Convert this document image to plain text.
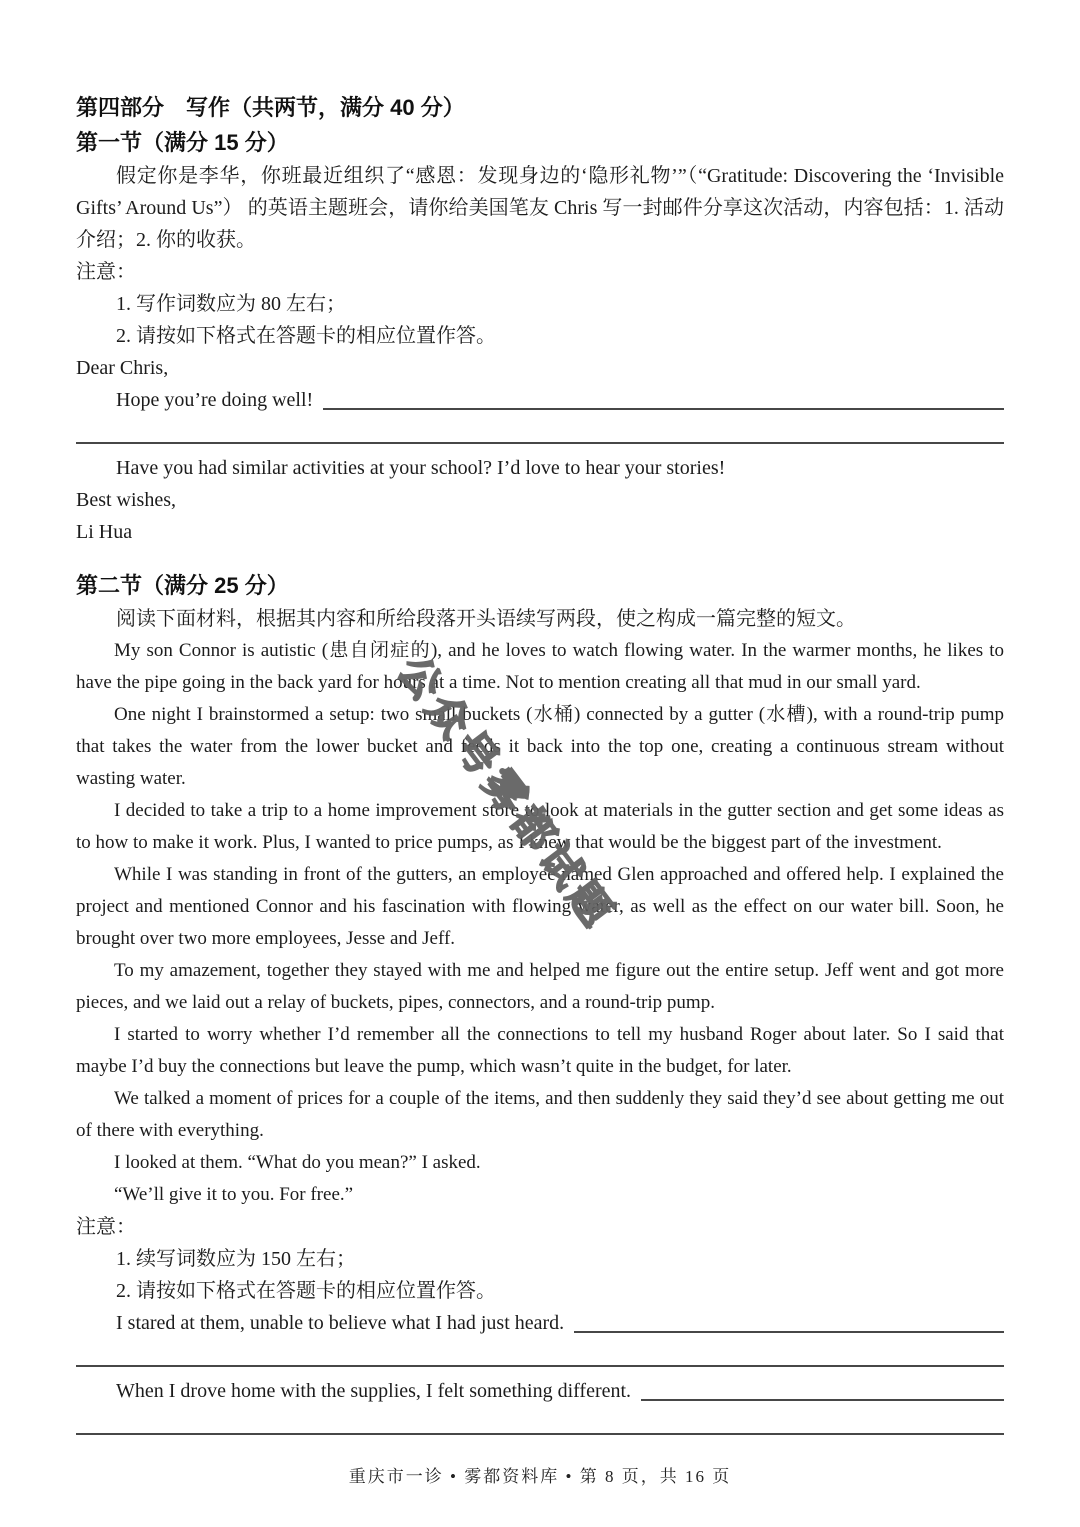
公众号雾都试题
第四部分　写作（共两节，满分 40 分）
第一节（满分 15 分）

假定你是李华，你班最近组织了“感恩：发现身边的‘隐形礼物’”（“Gratitude: Discovering the ‘Invisible Gifts’ Around Us”） 的英语主题班会，请你给美国笔友 Chris 写一封邮件分享这次活动，内容包括：1. 活动介绍；2. 你的收获。

注意：

1. 写作词数应为 80 左右；

2. 请按如下格式在答题卡的相应位置作答。

Dear Chris,

Hope you’re doing well!

Have you had similar activities at your school? I’d love to hear your stories!

Best wishes,

Li Hua

第二节（满分 25 分）

阅读下面材料，根据其内容和所给段落开头语续写两段，使之构成一篇完整的短文。

My son Connor is autistic (患自闭症的), and he loves to watch flowing water. In the warmer months, he likes to have the pipe going in the back yard for hours at a time. Not to mention creating all that mud in our small yard.

One night I brainstormed a setup: two small buckets (水桶) connected by a gutter (水槽), with a round-trip pump that takes the water from the lower bucket and feeds it back into the top one, creating a continuous stream without wasting water.

I decided to take a trip to a home improvement store to look at materials in the gutter section and get some ideas as to how to make it work. Plus, I wanted to price pumps, as I knew that would be the biggest part of the investment.

While I was standing in front of the gutters, an employee named Glen approached and offered help. I explained the project and mentioned Connor and his fascination with flowing water, as well as the effect on our water bill. Soon, he brought over two more employees, Jesse and Jeff.

To my amazement, together they stayed with me and helped me figure out the entire setup. Jeff went and got more pieces, and we laid out a relay of buckets, pipes, connectors, and a round-trip pump.

I started to worry whether I’d remember all the connections to tell my husband Roger about later. So I said that maybe I’d buy the connections but leave the pump, which wasn’t quite in the budget, for later.

We talked a moment of prices for a couple of the items, and then suddenly they said they’d see about getting me out of there with everything.

I looked at them. “What do you mean?” I asked.

“We’ll give it to you. For free.”

注意：

1. 续写词数应为 150 左右；

2. 请按如下格式在答题卡的相应位置作答。

I stared at them, unable to believe what I had just heard.
When I drove home with the supplies, I felt something different.
重庆市一诊 • 雾都资料库 • 第 8 页，共 16 页
